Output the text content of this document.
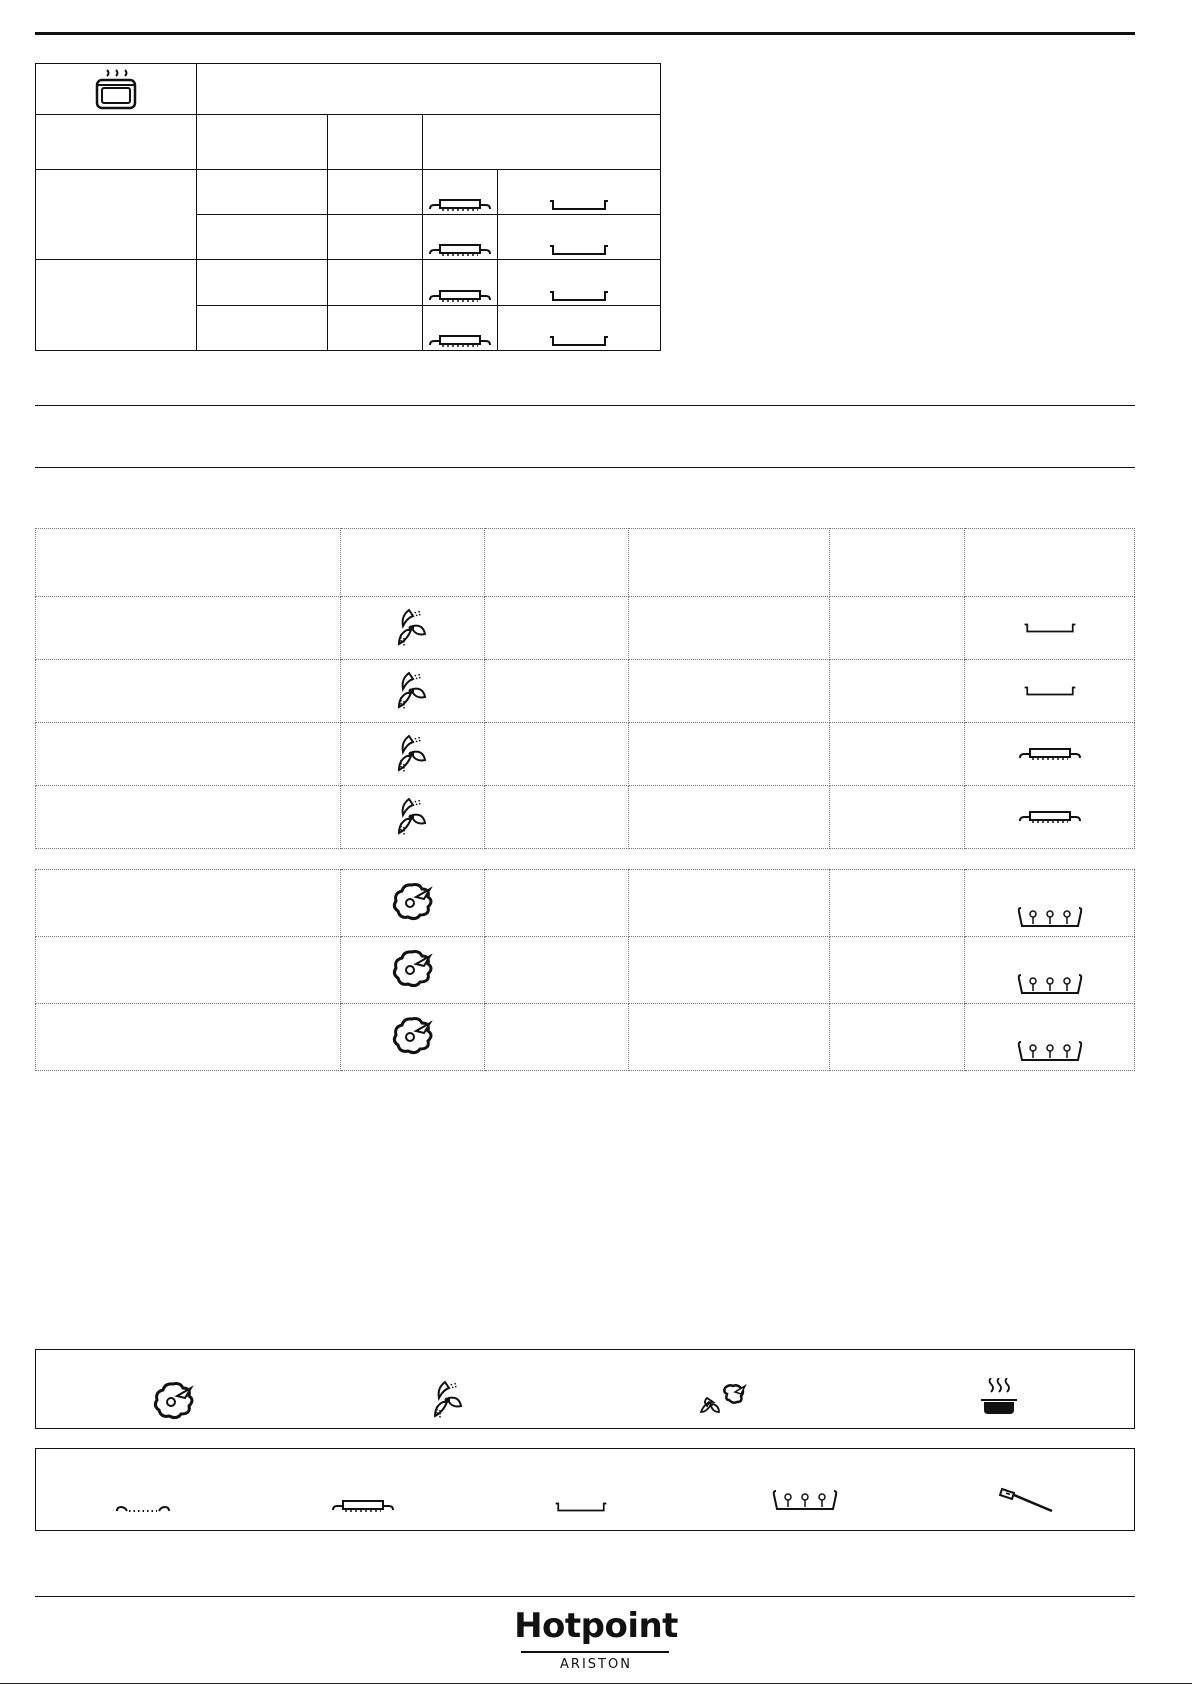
Hotpoint
ARISTON
